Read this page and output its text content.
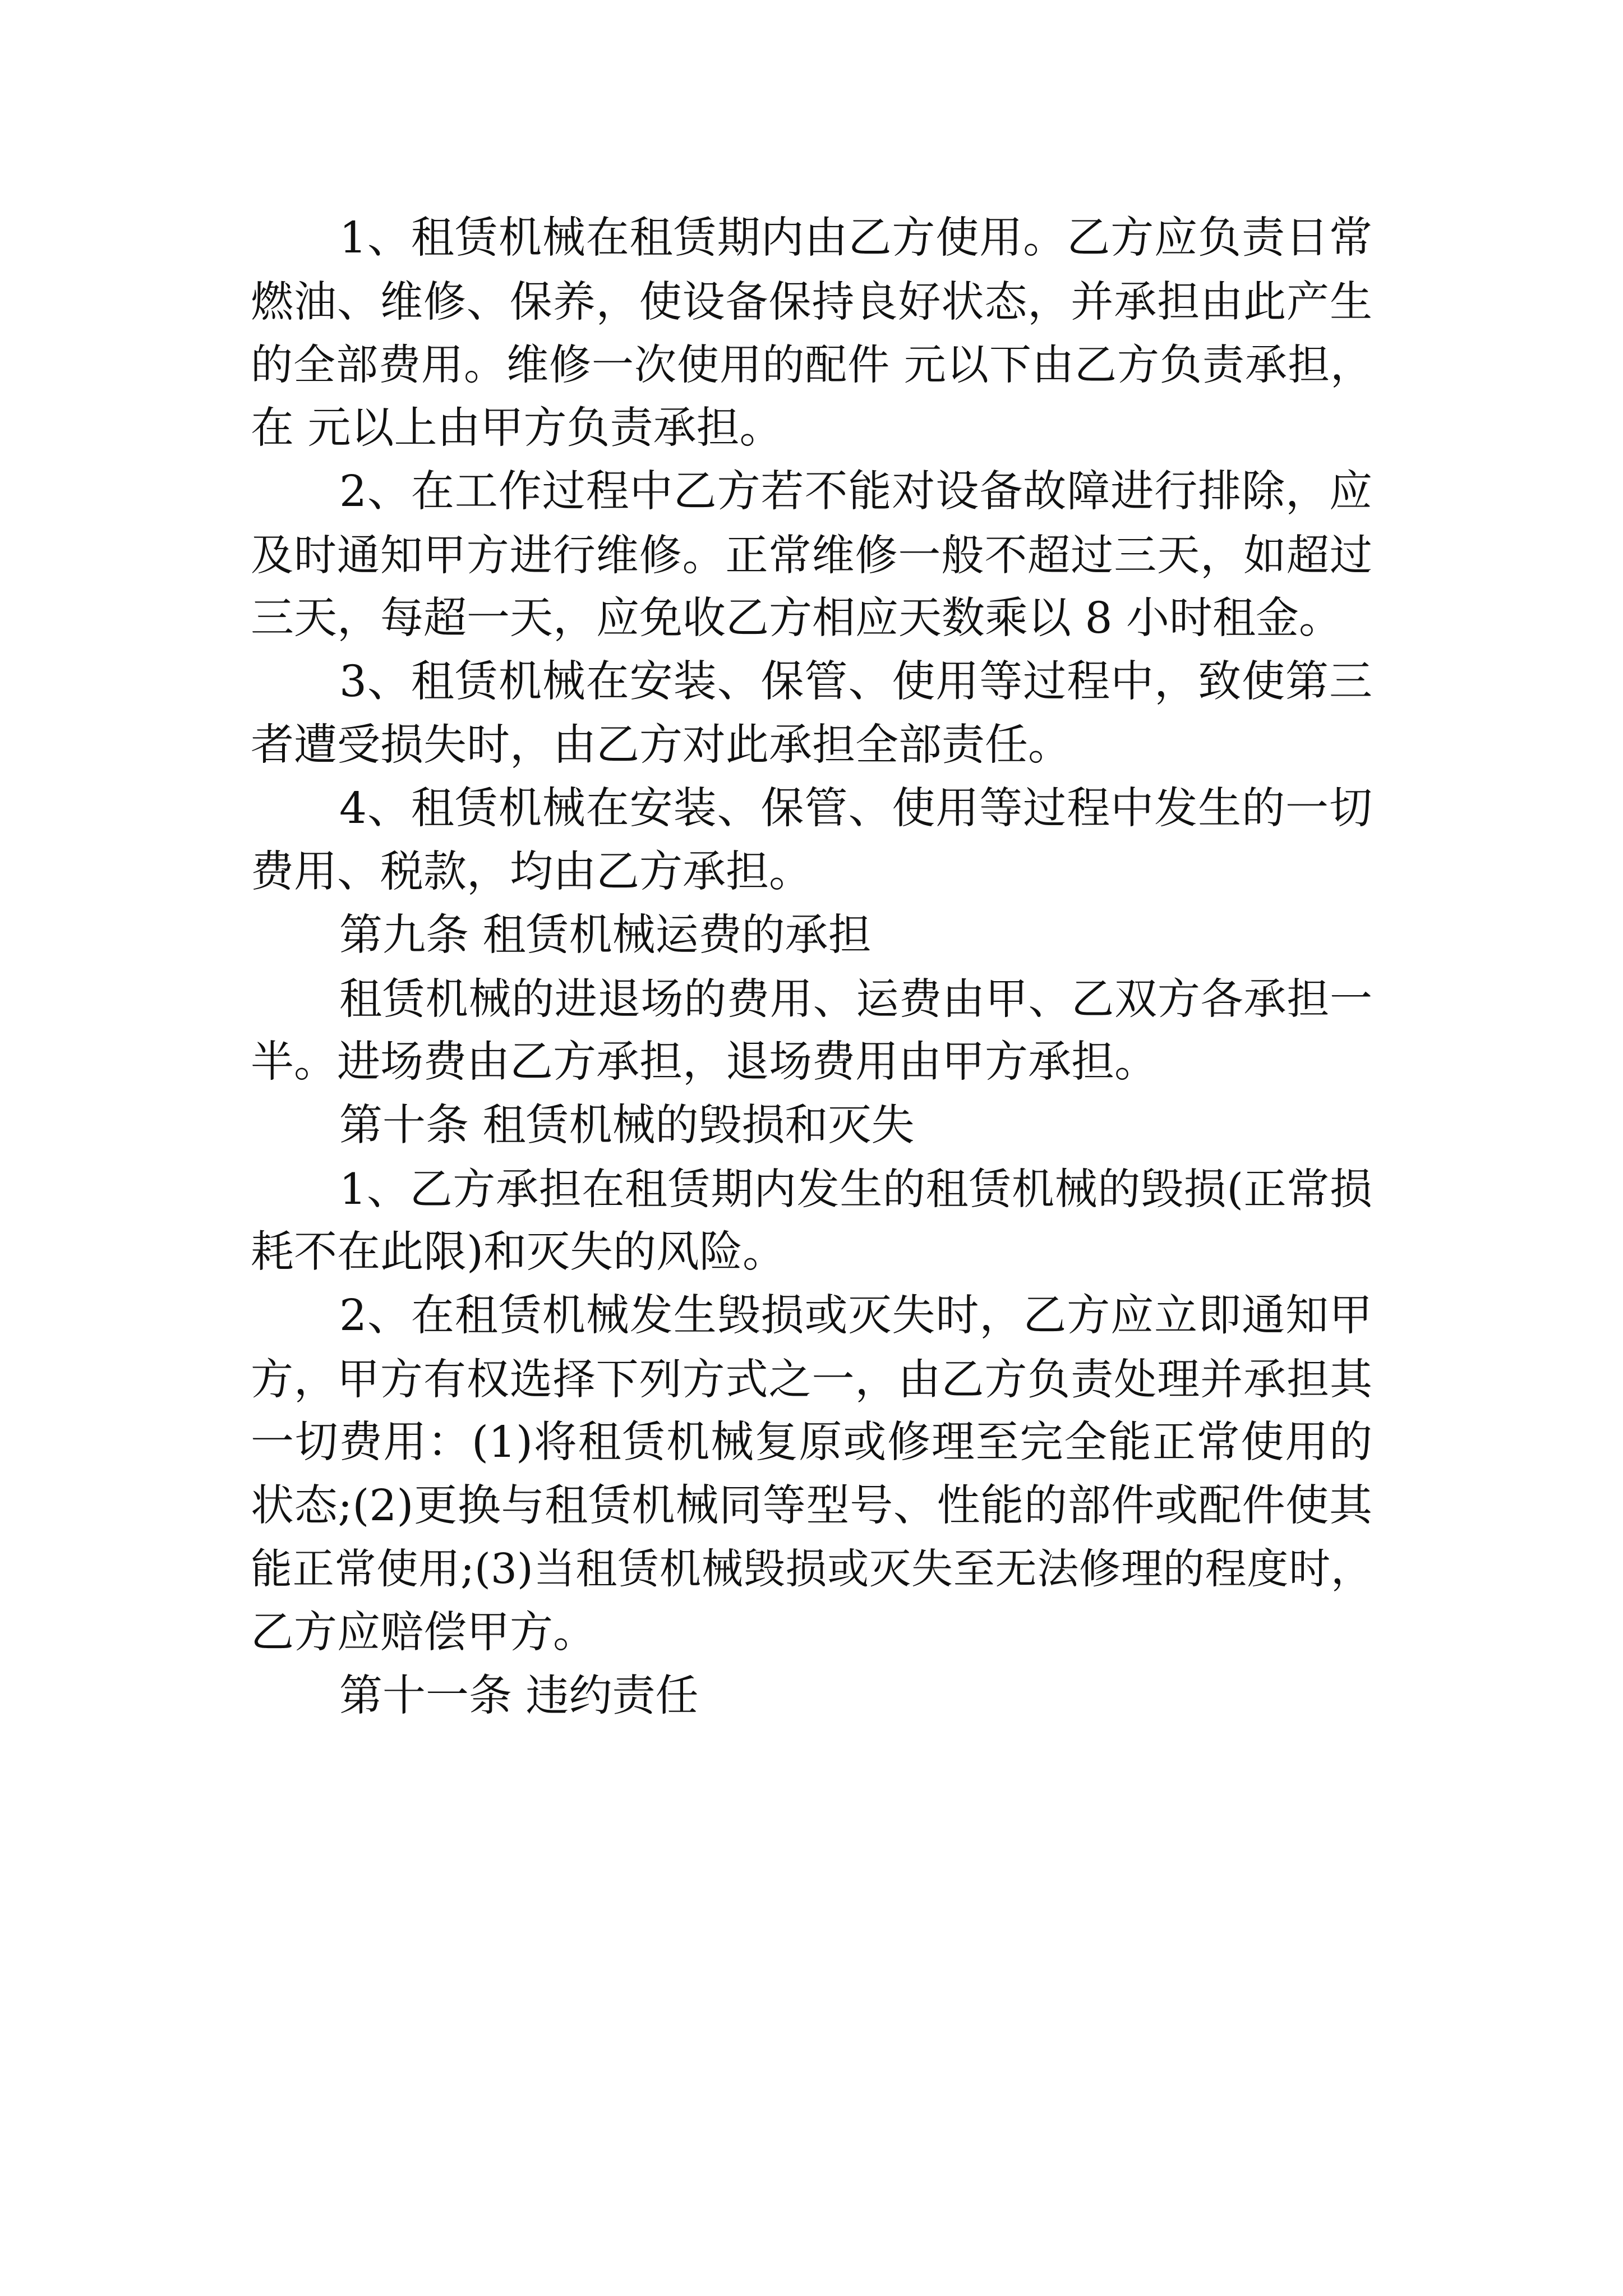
1、租赁机械在租赁期内由乙方使用。乙方应负责日常
燃油、维修、保养，使设备保持良好状态，并承担由此产生
的全部费用。维修一次使用的配件 元以下由乙方负责承担，
在 元以上由甲方负责承担。
2、在工作过程中乙方若不能对设备故障进行排除，应
及时通知甲方进行维修。正常维修一般不超过三天，如超过
三天，每超一天，应免收乙方相应天数乘以 8 小时租金。
3、租赁机械在安装、保管、使用等过程中，致使第三
者遭受损失时，由乙方对此承担全部责任。
4、租赁机械在安装、保管、使用等过程中发生的一切
费用、税款，均由乙方承担。
第九条 租赁机械运费的承担
租赁机械的进退场的费用、运费由甲、乙双方各承担一
半。进场费由乙方承担，退场费用由甲方承担。
第十条 租赁机械的毁损和灭失
1、乙方承担在租赁期内发生的租赁机械的毁损(正常损
耗不在此限)和灭失的风险。
2、在租赁机械发生毁损或灭失时，乙方应立即通知甲
方，甲方有权选择下列方式之一，由乙方负责处理并承担其
一切费用：(1)将租赁机械复原或修理至完全能正常使用的
状态;(2)更换与租赁机械同等型号、性能的部件或配件使其
能正常使用;(3)当租赁机械毁损或灭失至无法修理的程度时，
乙方应赔偿甲方。
第十一条 违约责任
